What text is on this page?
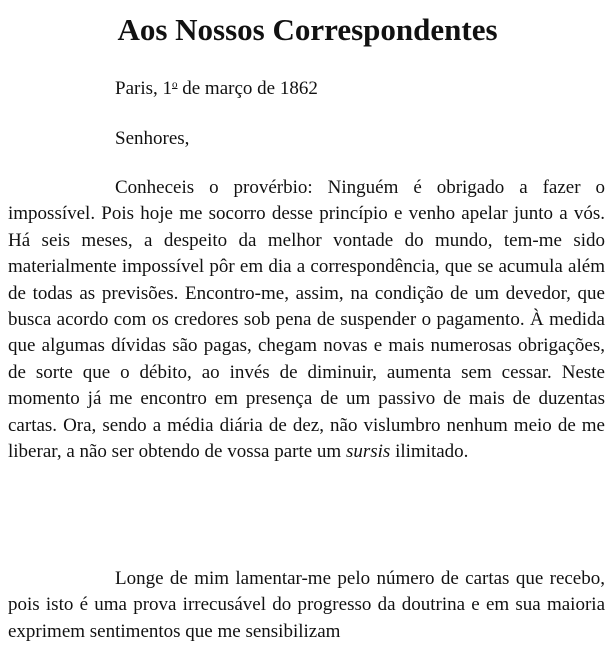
Aos Nossos Correspondentes

Paris, 1$^o$ de março de 1862

Senhores,

Conheceis o provérbio: Ninguém é obrigado a fazer o impossível. Pois hoje me socorro desse princípio e venho apelar junto a vós. Há seis meses, a despeito da melhor vontade do mundo, tem-me sido materialmente impossível pôr em dia a correspondência, que se acumula além de todas as previsões. Encontro-me, assim, na condição de um devedor, que busca acordo com os credores sob pena de suspender o pagamento. À medida que algumas dívidas são pagas, chegam novas e mais numerosas obrigações, de sorte que o débito, ao invés de diminuir, aumenta sem cessar. Neste momento já me encontro em presença de um passivo de mais de duzentas cartas. Ora, sendo a média diária de dez, não vislumbro nenhum meio de me liberar, a não ser obtendo de vossa parte um sursis ilimitado.

Longe de mim lamentar-me pelo número de cartas que recebo, pois isto é uma prova irrecusável do progresso da doutrina e em sua maioria exprimem sentimentos que me sensibilizam
